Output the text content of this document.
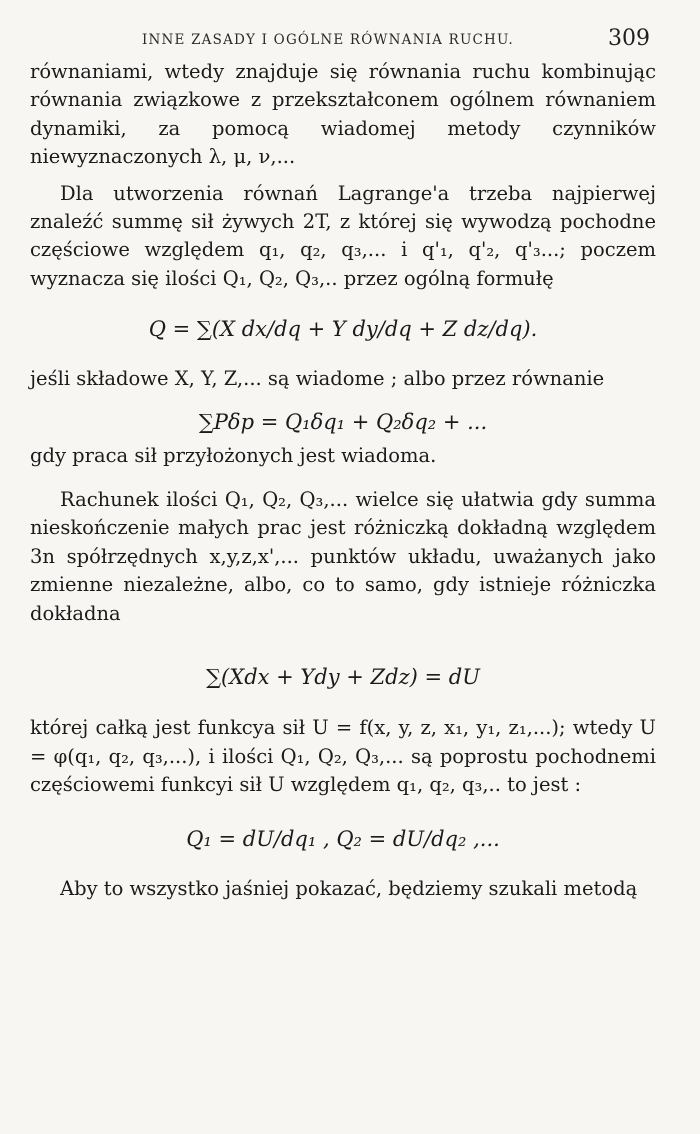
INNE ZASADY I OGÓLNE RÓWNANIA RUCHU.	309

równaniami, wtedy znajduje się równania ruchu kombinując równania związkowe z przekształconem ogólnem równaniem dynamiki, za pomocą wiadomej metody czynników niewyznaczonych λ, μ, ν,...

Dla utworzenia równań Lagrange'a trzeba najpierwej znaleźć summę sił żywych 2T, z której się wywodzą pochodne częściowe względem q₁, q₂, q₃,... i q'₁, q'₂, q'₃...; poczem wyznacza się ilości Q₁, Q₂, Q₃,.. przez ogólną formułę

Q = ∑(X dx/dq + Y dy/dq + Z dz/dq).

jeśli składowe X, Y, Z,... są wiadome ; albo przez równanie

∑Pδp = Q₁δq₁ + Q₂δq₂ + ...

gdy praca sił przyłożonych jest wiadoma.

Rachunek ilości Q₁, Q₂, Q₃,... wielce się ułatwia gdy summa nieskończenie małych prac jest różniczką dokładną względem 3n spółrzędnych x,y,z,x',... punktów układu, uważanych jako zmienne niezależne, albo, co to samo, gdy istnieje różniczka dokładna

∑(Xdx + Ydy + Zdz) = dU

której całką jest funkcya sił U = f(x, y, z, x₁, y₁, z₁,...); wtedy U = φ(q₁, q₂, q₃,...), i ilości Q₁, Q₂, Q₃,... są poprostu pochodnemi częściowemi funkcyi sił U względem q₁, q₂, q₃,.. to jest :

Q₁ = dU/dq₁ , Q₂ = dU/dq₂ ,...

Aby to wszystko jaśniej pokazać, będziemy szukali metodą
